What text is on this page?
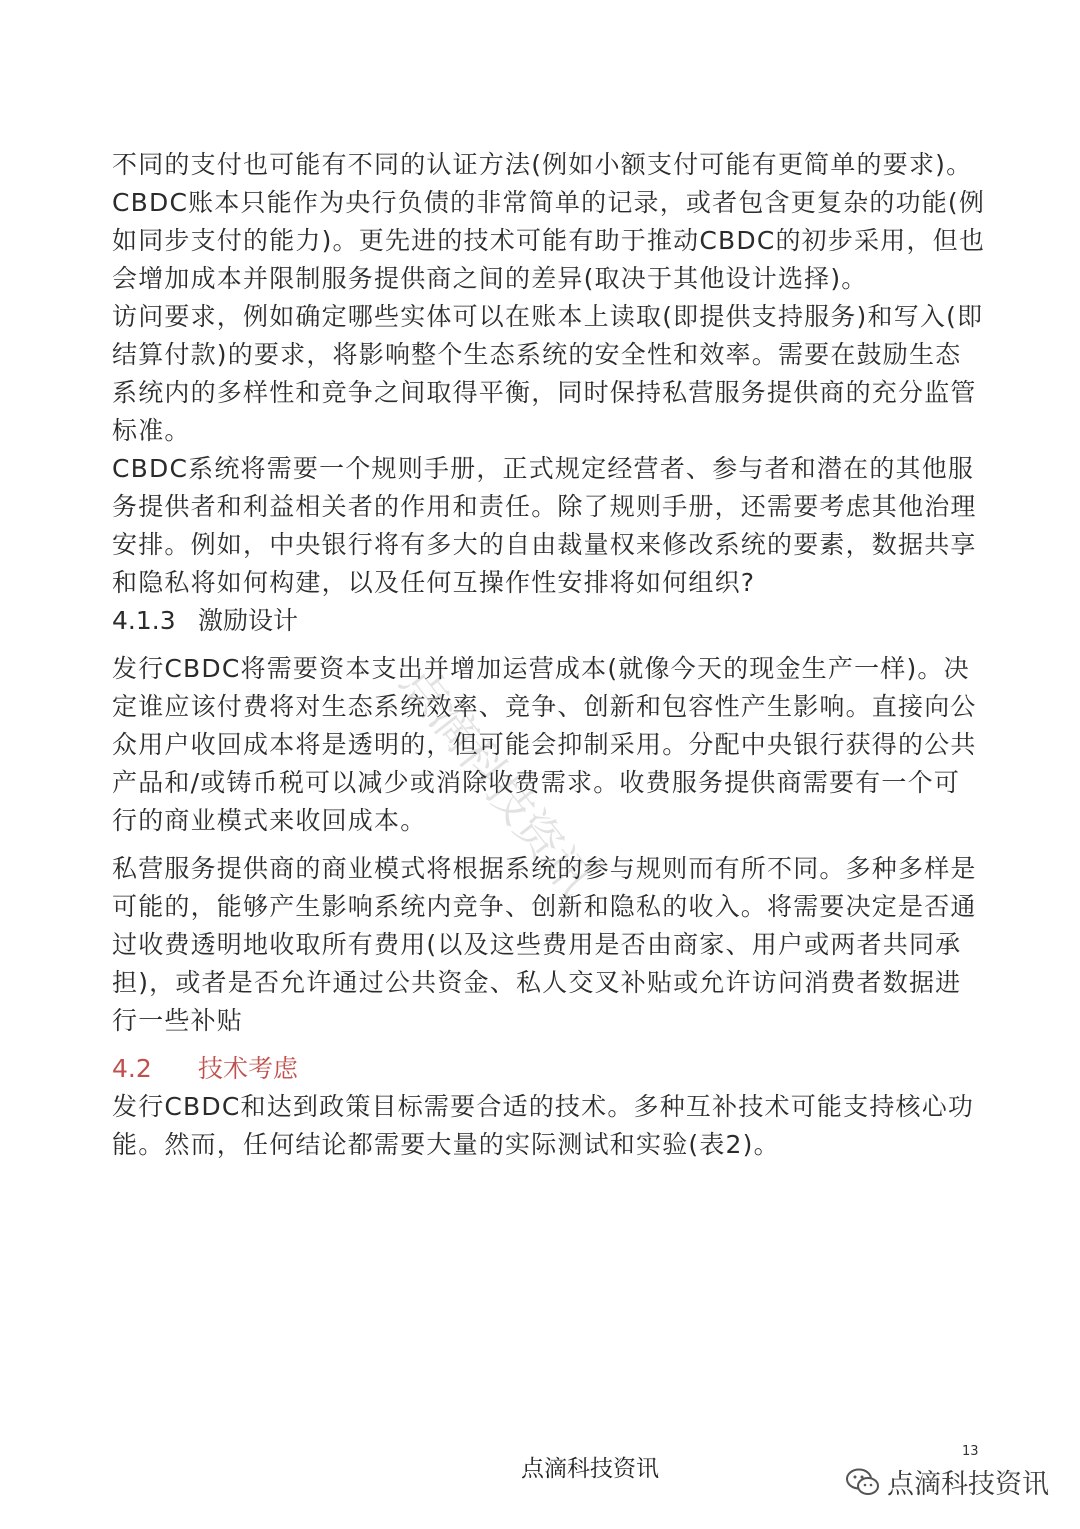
点滴科技资讯
不同的支付也可能有不同的认证方法(例如小额支付可能有更简单的要求)。
CBDC账本只能作为央行负债的非常简单的记录，或者包含更复杂的功能(例
如同步支付的能力)。更先进的技术可能有助于推动CBDC的初步采用，但也
会增加成本并限制服务提供商之间的差异(取决于其他设计选择)。
访问要求，例如确定哪些实体可以在账本上读取(即提供支持服务)和写入(即
结算付款)的要求，将影响整个生态系统的安全性和效率。需要在鼓励生态
系统内的多样性和竞争之间取得平衡，同时保持私营服务提供商的充分监管
标准。
CBDC系统将需要一个规则手册，正式规定经营者、参与者和潜在的其他服
务提供者和利益相关者的作用和责任。除了规则手册，还需要考虑其他治理
安排。例如，中央银行将有多大的自由裁量权来修改系统的要素，数据共享
和隐私将如何构建，以及任何互操作性安排将如何组织?
4.1.3 激励设计
发行CBDC将需要资本支出并增加运营成本(就像今天的现金生产一样)。决
定谁应该付费将对生态系统效率、竞争、创新和包容性产生影响。直接向公
众用户收回成本将是透明的，但可能会抑制采用。分配中央银行获得的公共
产品和/或铸币税可以减少或消除收费需求。收费服务提供商需要有一个可
行的商业模式来收回成本。
私营服务提供商的商业模式将根据系统的参与规则而有所不同。多种多样是
可能的，能够产生影响系统内竞争、创新和隐私的收入。将需要决定是否通
过收费透明地收取所有费用(以及这些费用是否由商家、用户或两者共同承
担)，或者是否允许通过公共资金、私人交叉补贴或允许访问消费者数据进
行一些补贴
4.2	技术考虑
发行CBDC和达到政策目标需要合适的技术。多种互补技术可能支持核心功
能。然而，任何结论都需要大量的实际测试和实验(表2)。
13
点滴科技资讯	点滴科技资讯
